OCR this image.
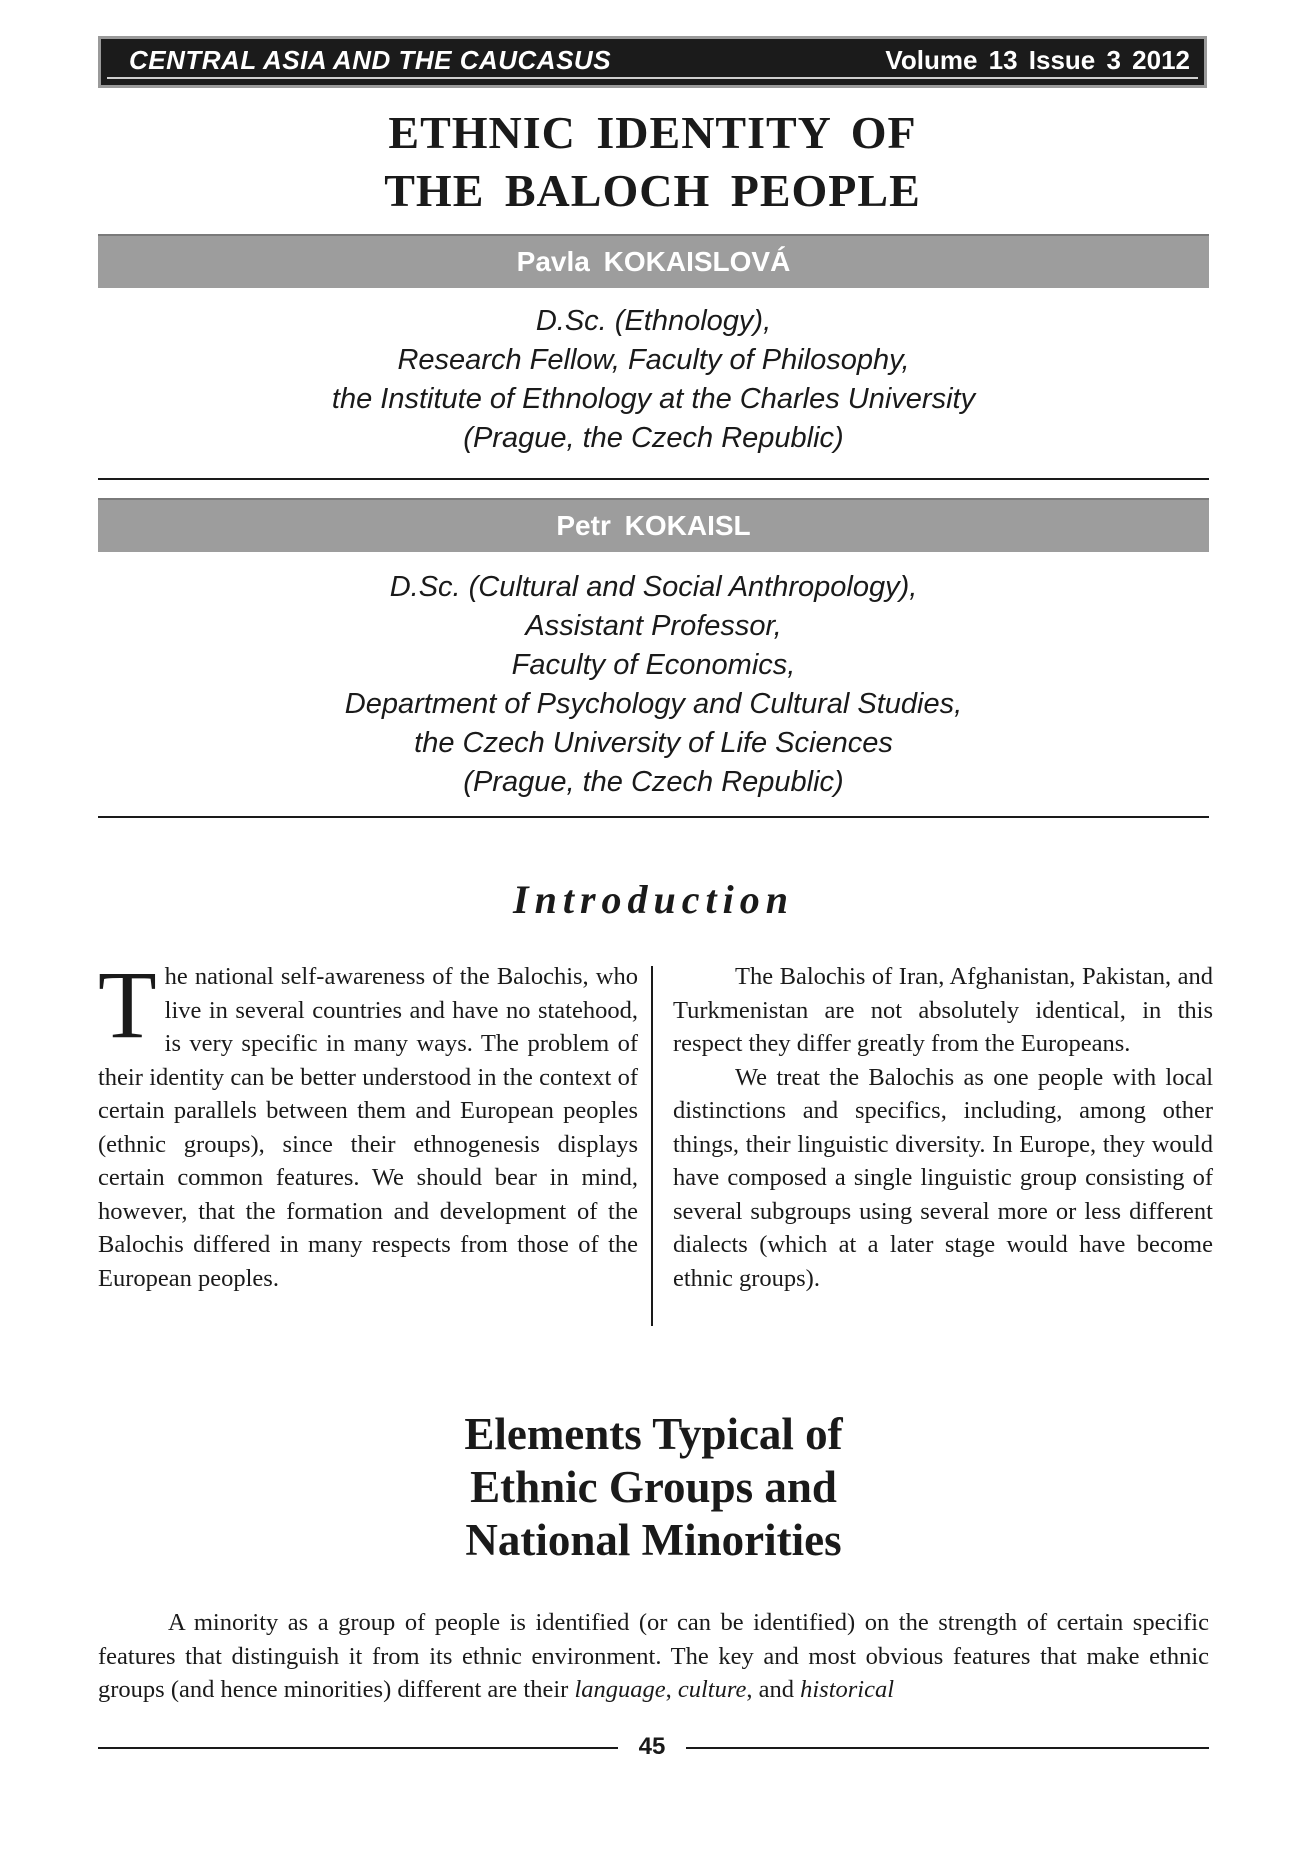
CENTRAL ASIA AND THE CAUCASUS	Volume 13 Issue 3 2012
ETHNIC IDENTITY OF
THE BALOCH PEOPLE
Pavla KOKAISLOVÁ
D.Sc. (Ethnology),
Research Fellow, Faculty of Philosophy,
the Institute of Ethnology at the Charles University
(Prague, the Czech Republic)
Petr KOKAISL
D.Sc. (Cultural and Social Anthropology),
Assistant Professor,
Faculty of Economics,
Department of Psychology and Cultural Studies,
the Czech University of Life Sciences
(Prague, the Czech Republic)
Introduction

The national self-awareness of the Balochis, who live in several countries and have no statehood, is very specific in many ways. The problem of their identity can be better understood in the context of certain parallels between them and European peoples (ethnic groups), since their ethnogenesis displays certain common features. We should bear in mind, however, that the formation and development of the Balochis differed in many respects from those of the European peoples.

The Balochis of Iran, Afghanistan, Pakistan, and Turkmenistan are not absolutely identical, in this respect they differ greatly from the Europeans.

We treat the Balochis as one people with local distinctions and specifics, including, among other things, their linguistic diversity. In Europe, they would have composed a single linguistic group consisting of several subgroups using several more or less different dialects (which at a later stage would have become ethnic groups).

Elements Typical of
Ethnic Groups and
National Minorities

A minority as a group of people is identified (or can be identified) on the strength of certain specific features that distinguish it from its ethnic environment. The key and most obvious features that make ethnic groups (and hence minorities) different are their language, culture, and historical

45
